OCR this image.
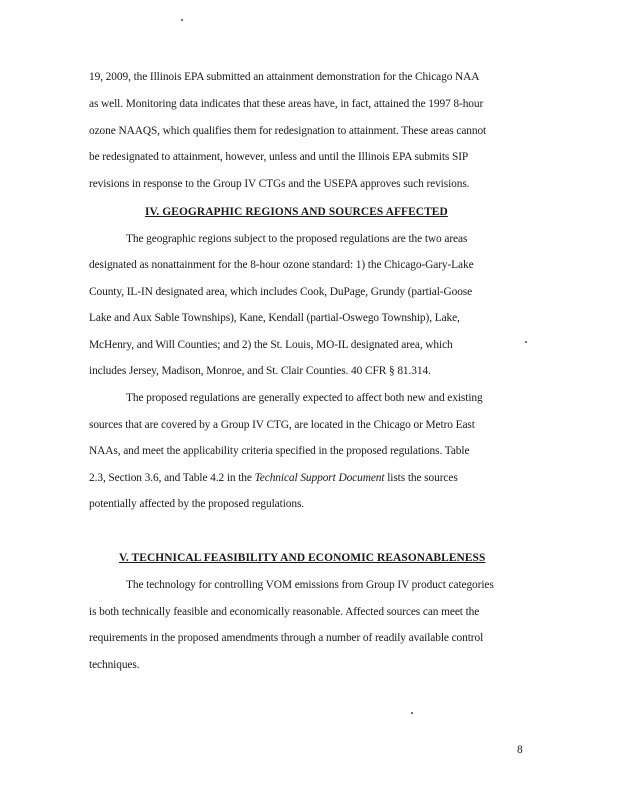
19, 2009, the Illinois EPA submitted an attainment demonstration for the Chicago NAA
as well. Monitoring data indicates that these areas have, in fact, attained the 1997 8-hour
ozone NAAQS, which qualifies them for redesignation to attainment. These areas cannot
be redesignated to attainment, however, unless and until the Illinois EPA submits SIP
revisions in response to the Group IV CTGs and the USEPA approves such revisions.
IV. GEOGRAPHIC REGIONS AND SOURCES AFFECTED
The geographic regions subject to the proposed regulations are the two areas
designated as nonattainment for the 8-hour ozone standard: 1) the Chicago-Gary-Lake
County, IL-IN designated area, which includes Cook, DuPage, Grundy (partial-Goose
Lake and Aux Sable Townships), Kane, Kendall (partial-Oswego Township), Lake,
McHenry, and Will Counties; and 2) the St. Louis, MO-IL designated area, which
includes Jersey, Madison, Monroe, and St. Clair Counties. 40 CFR § 81.314.
The proposed regulations are generally expected to affect both new and existing
sources that are covered by a Group IV CTG, are located in the Chicago or Metro East
NAAs, and meet the applicability criteria specified in the proposed regulations. Table
2.3, Section 3.6, and Table 4.2 in the Technical Support Document lists the sources
potentially affected by the proposed regulations.
V. TECHNICAL FEASIBILITY AND ECONOMIC REASONABLENESS
The technology for controlling VOM emissions from Group IV product categories
is both technically feasible and economically reasonable. Affected sources can meet the
requirements in the proposed amendments through a number of readily available control
techniques.
8
